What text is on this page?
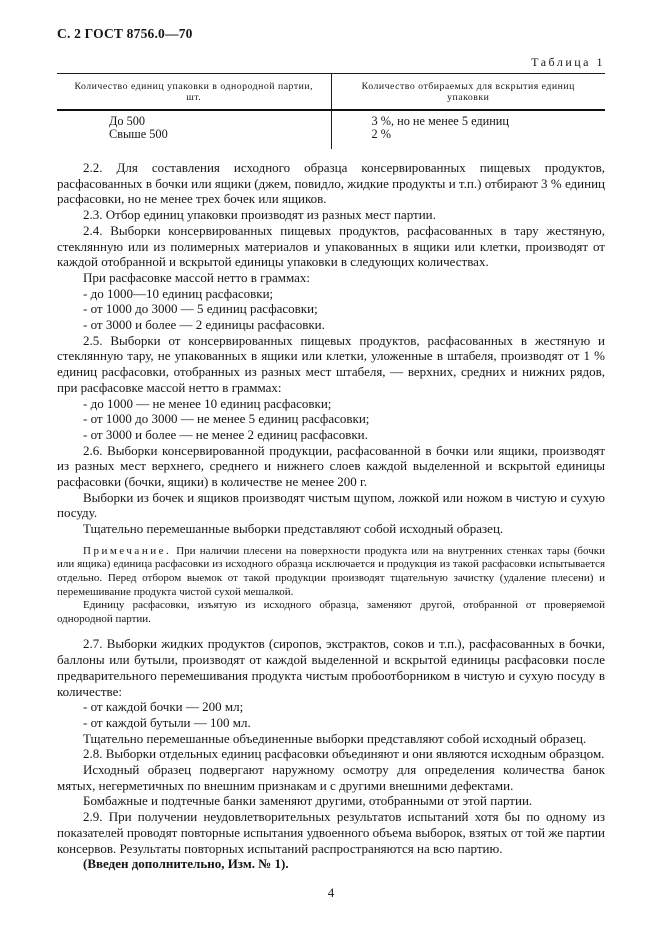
С. 2 ГОСТ 8756.0—70
Таблица 1
Количество единиц упаковки в однородной партии, шт.	Количество отбираемых для вскрытия единиц упаковки
До 500	3 %, но не менее 5 единиц
Свыше 500	2 %

2.2. Для составления исходного образца консервированных пищевых продуктов, расфасованных в бочки или ящики (джем, повидло, жидкие продукты и т.п.) отбирают 3 % единиц расфасовки, но не менее трех бочек или ящиков.

2.3. Отбор единиц упаковки производят из разных мест партии.

2.4. Выборки консервированных пищевых продуктов, расфасованных в тару жестяную, стеклянную или из полимерных материалов и упакованных в ящики или клетки, производят от каждой отобранной и вскрытой единицы упаковки в следующих количествах.

При расфасовке массой нетто в граммах:

- до 1000—10 единиц расфасовки;

- от 1000 до 3000 — 5 единиц расфасовки;

- от 3000 и более — 2 единицы расфасовки.

2.5. Выборки от консервированных пищевых продуктов, расфасованных в жестяную и стеклянную тару, не упакованных в ящики или клетки, уложенные в штабеля, производят от 1 % единиц расфасовки, отобранных из разных мест штабеля, — верхних, средних и нижних рядов, при расфасовке массой нетто в граммах:

- до 1000 — не менее 10 единиц расфасовки;

- от 1000 до 3000 — не менее 5 единиц расфасовки;

- от 3000 и более — не менее 2 единиц расфасовки.

2.6. Выборки консервированной продукции, расфасованной в бочки или ящики, производят из разных мест верхнего, среднего и нижнего слоев каждой выделенной и вскрытой единицы расфасовки (бочки, ящики) в количестве не менее 200 г.

Выборки из бочек и ящиков производят чистым щупом, ложкой или ножом в чистую и сухую посуду.

Тщательно перемешанные выборки представляют собой исходный образец.

Примечание. При наличии плесени на поверхности продукта или на внутренних стенках тары (бочки или ящика) единица расфасовки из исходного образца исключается и продукция из такой расфасовки испытывается отдельно. Перед отбором выемок от такой продукции производят тщательную зачистку (удаление плесени) и перемешивание продукта чистой сухой мешалкой.

Единицу расфасовки, изъятую из исходного образца, заменяют другой, отобранной от проверяемой однородной партии.

2.7. Выборки жидких продуктов (сиропов, экстрактов, соков и т.п.), расфасованных в бочки, баллоны или бутыли, производят от каждой выделенной и вскрытой единицы расфасовки после предварительного перемешивания продукта чистым пробоотборником в чистую и сухую посуду в количестве:

- от каждой бочки — 200 мл;

- от каждой бутыли — 100 мл.

Тщательно перемешанные объединенные выборки представляют собой исходный образец.

2.8. Выборки отдельных единиц расфасовки объединяют и они являются исходным образцом.

Исходный образец подвергают наружному осмотру для определения количества банок мятых, негерметичных по внешним признакам и с другими внешними дефектами.

Бомбажные и подтечные банки заменяют другими, отобранными от этой партии.

2.9. При получении неудовлетворительных результатов испытаний хотя бы по одному из показателей проводят повторные испытания удвоенного объема выборок, взятых от той же партии консервов. Результаты повторных испытаний распространяются на всю партию.

(Введен дополнительно, Изм. № 1).

4
